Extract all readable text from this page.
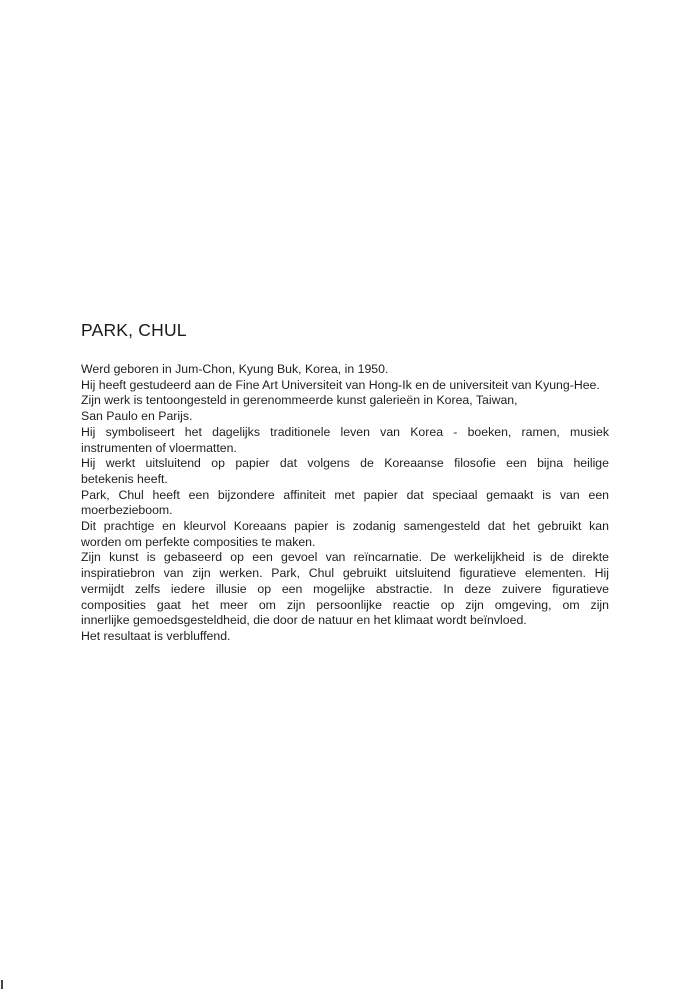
PARK, CHUL
Werd geboren in Jum-Chon, Kyung Buk, Korea, in 1950.
Hij heeft gestudeerd aan de Fine Art Universiteit van Hong-Ik en de universiteit van Kyung-Hee.
Zijn werk is tentoongesteld in gerenommeerde kunst galerieën in Korea, Taiwan,
San Paulo en Parijs.
Hij symboliseert het dagelijks traditionele leven van Korea - boeken, ramen, musiek
instrumenten of vloermatten.
Hij werkt uitsluitend op papier dat volgens de Koreaanse filosofie een bijna heilige
betekenis heeft.
Park, Chul heeft een bijzondere affiniteit met papier dat speciaal gemaakt is van een
moerbezieboom.
Dit prachtige en kleurvol Koreaans papier is zodanig samengesteld dat het gebruikt kan
worden om perfekte composities te maken.
Zijn kunst is gebaseerd op een gevoel van reïncarnatie. De werkelijkheid is de direkte
inspiratiebron van zijn werken. Park, Chul gebruikt uitsluitend figuratieve elementen. Hij
vermijdt zelfs iedere illusie op een mogelijke abstractie. In deze zuivere figuratieve
composities gaat het meer om zijn persoonlijke reactie op zijn omgeving, om zijn
innerlijke gemoedsgesteldheid, die door de natuur en het klimaat wordt beïnvloed.
Het resultaat is verbluffend.
